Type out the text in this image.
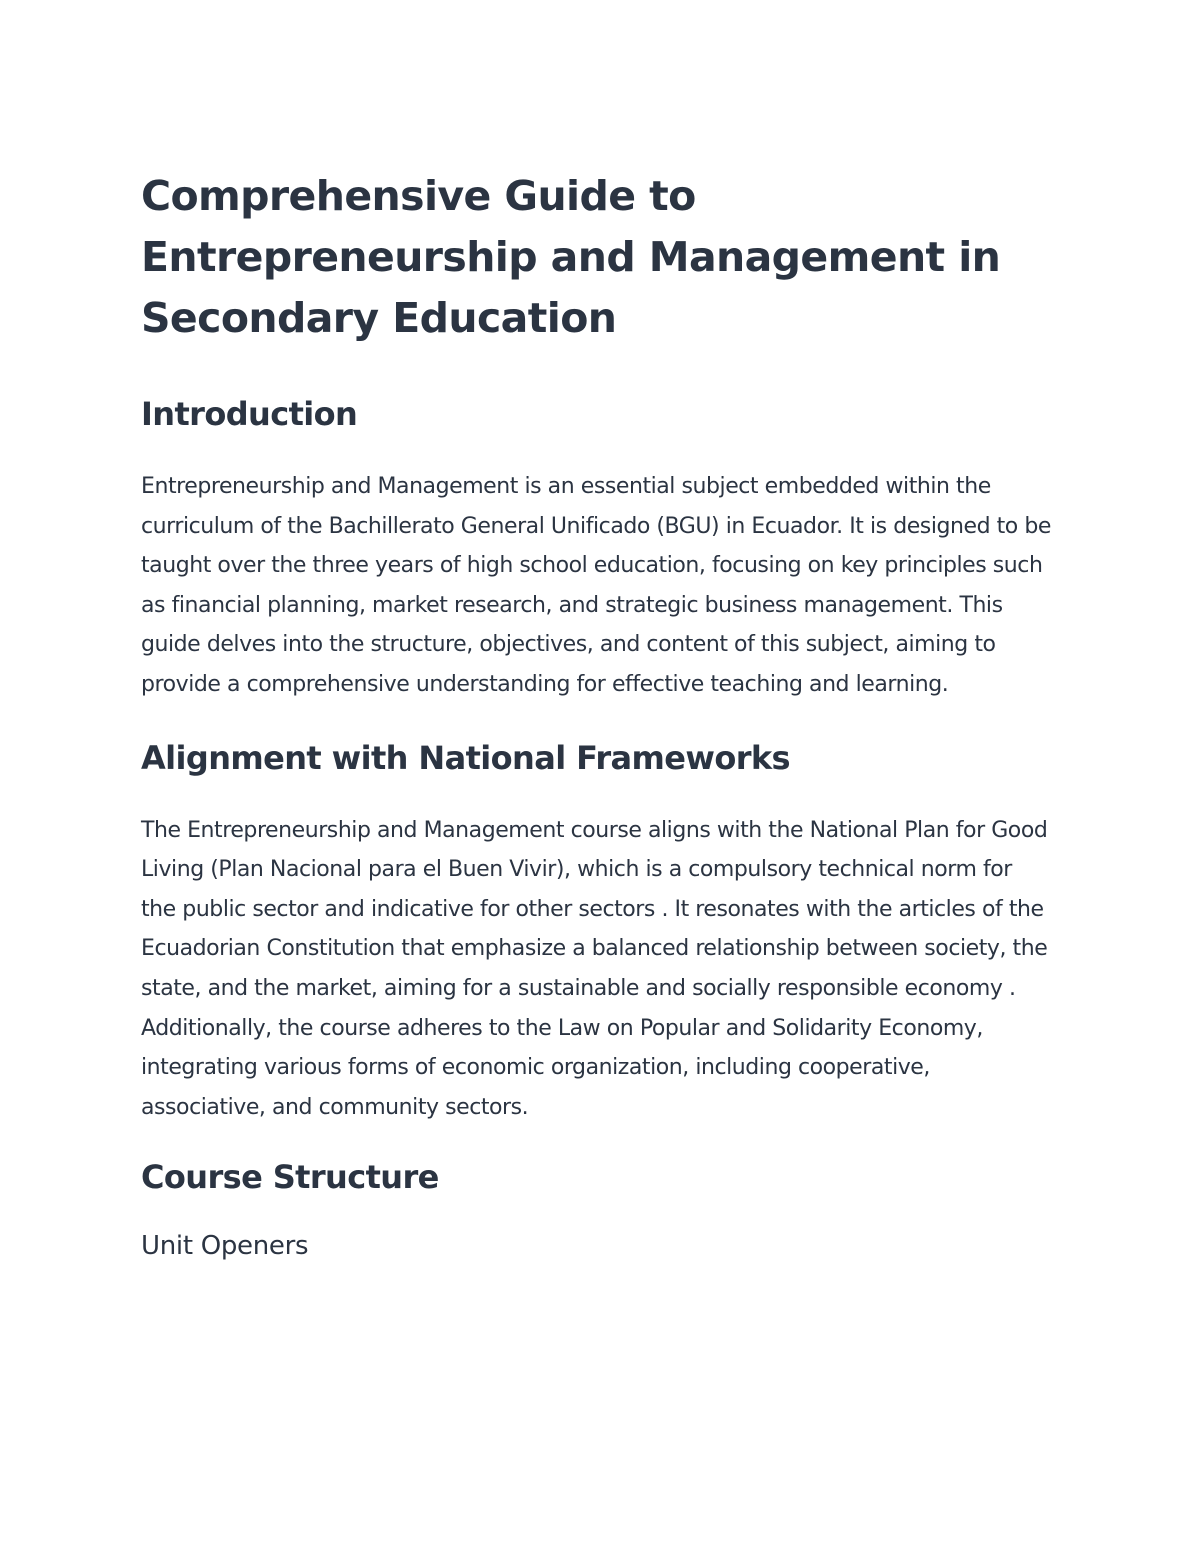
Comprehensive Guide to Entrepreneurship and Management in Secondary Education
Introduction

Entrepreneurship and Management is an essential subject embedded within the curriculum of the Bachillerato General Unificado (BGU) in Ecuador. It is designed to be taught over the three years of high school education, focusing on key principles such as financial planning, market research, and strategic business management. This guide delves into the structure, objectives, and content of this subject, aiming to provide a comprehensive understanding for effective teaching and learning.

Alignment with National Frameworks

The Entrepreneurship and Management course aligns with the National Plan for Good Living (Plan Nacional para el Buen Vivir), which is a compulsory technical norm for the public sector and indicative for other sectors . It resonates with the articles of the Ecuadorian Constitution that emphasize a balanced relationship between society, the state, and the market, aiming for a sustainable and socially responsible economy . Additionally, the course adheres to the Law on Popular and Solidarity Economy, integrating various forms of economic organization, including cooperative, associative, and community sectors.

Course Structure
Unit Openers
